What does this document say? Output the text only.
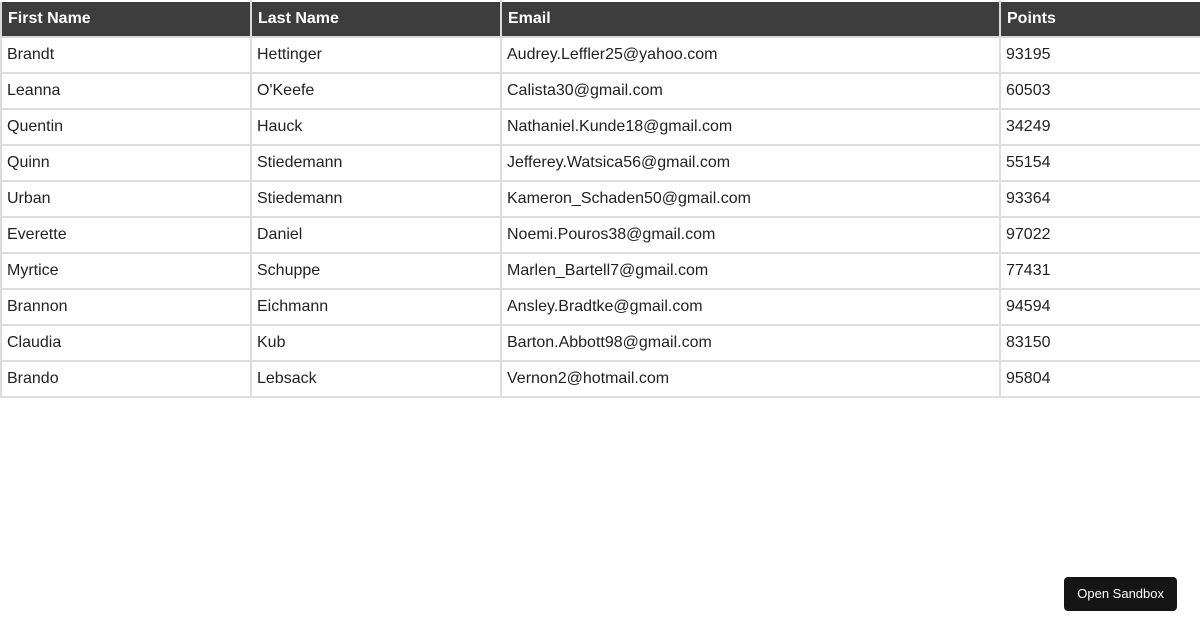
First Name	Last Name	Email	Points
Brandt	Hettinger	Audrey.Leffler25@yahoo.com	93195
Leanna	O'Keefe	Calista30@gmail.com	60503
Quentin	Hauck	Nathaniel.Kunde18@gmail.com	34249
Quinn	Stiedemann	Jefferey.Watsica56@gmail.com	55154
Urban	Stiedemann	Kameron_Schaden50@gmail.com	93364
Everette	Daniel	Noemi.Pouros38@gmail.com	97022
Myrtice	Schuppe	Marlen_Bartell7@gmail.com	77431
Brannon	Eichmann	Ansley.Bradtke@gmail.com	94594
Claudia	Kub	Barton.Abbott98@gmail.com	83150
Brando	Lebsack	Vernon2@hotmail.com	95804
Open Sandbox
